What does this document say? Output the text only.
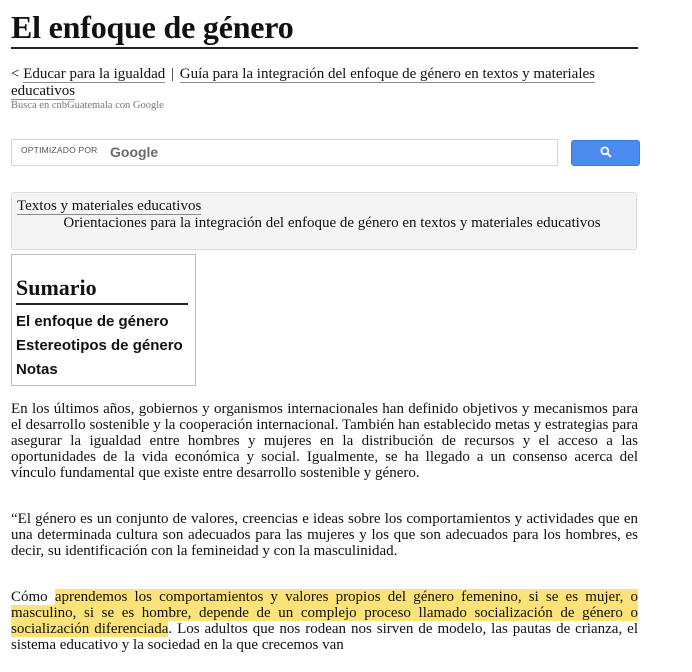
El enfoque de género
< Educar para la igualdad | Guía para la integración del enfoque de género en textos y materiales educativos
Busca en cnbGuatemala con Google
OPTIMIZADO POR Google
Textos y materiales educativos
Orientaciones para la integración del enfoque de género en textos y materiales educativos
Sumario
El enfoque de género
Estereotipos de género
Notas

En los últimos años, gobiernos y organismos internacionales han definido objetivos y mecanismos para el desarrollo sostenible y la cooperación internacional. También han establecido metas y estrategias para asegurar la igualdad entre hombres y mujeres en la distribución de recursos y el acceso a las oportunidades de la vida económica y social. Igualmente, se ha llegado a un consenso acerca del vínculo fundamental que existe entre desarrollo sostenible y género.

“El género es un conjunto de valores, creencias e ideas sobre los comportamientos y actividades que en una determinada cultura son adecuados para las mujeres y los que son adecuados para los hombres, es decir, su identificación con la femineidad y con la masculinidad.

Cómo aprendemos los comportamientos y valores propios del género femenino, si se es mujer, o masculino, si se es hombre, depende de un complejo proceso llamado socialización de género o socialización diferenciada. Los adultos que nos rodean nos sirven de modelo, las pautas de crianza, el sistema educativo y la sociedad en la que crecemos van
